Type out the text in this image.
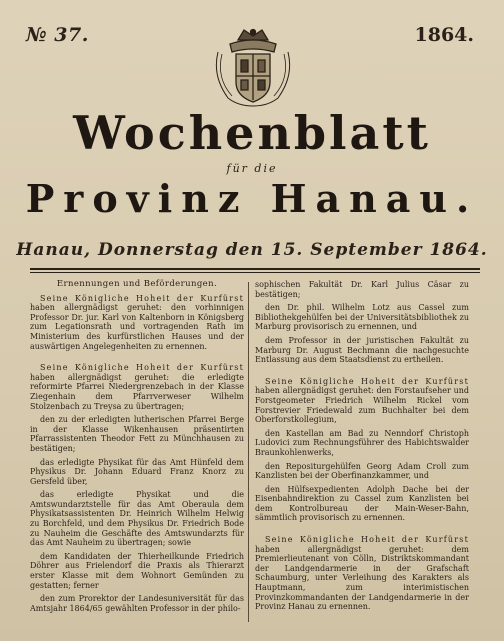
№ 37.	1864.
Wochenblatt
für die
Provinz Hanau.
Hanau, Donnerstag den 15. September 1864.
Ernennungen und Beförderungen.

Seine Königliche Hoheit der Kurfürst haben allergnädigst geruhet: den vorhinnigen Professor Dr. jur. Karl von Kaltenborn in Königsberg zum Legationsrath und vortragenden Rath im Ministerium des kurfürstlichen Hauses und der auswärtigen Angelegenheiten zu ernennen.

Seine Königliche Hoheit der Kurfürst haben allergnädigst geruhet: die erledigte reformirte Pfarrei Niedergrenzebach in der Klasse Ziegenhain dem Pfarrverweser Wilhelm Stolzenbach zu Treysa zu übertragen;

den zu der erledigten lutherischen Pfarrei Berge in der Klasse Wikenhausen präsentirten Pfarrassistenten Theodor Fett zu Münchhausen zu bestätigen;

das erledigte Physikat für das Amt Hünfeld dem Physikus Dr. Johann Eduard Franz Knorz zu Gersfeld über,

das erledigte Physikat und die Amtswundarztstelle für das Amt Oberaula dem Physikatsassistenten Dr. Heinrich Wilhelm Helwig zu Borchfeld, und dem Physikus Dr. Friedrich Bode zu Nauheim die Geschäfte des Amtswundarzts für das Amt Nauheim zu übertragen; sowie

dem Kandidaten der Thierheilkunde Friedrich Döhrer aus Frielendorf die Praxis als Thierarzt erster Klasse mit dem Wohnort Gemünden zu gestatten; ferner

den zum Prorektor der Landesuniversität für das Amtsjahr 1864/65 gewählten Professor in der philo-

sophischen Fakultät Dr. Karl Julius Cäsar zu bestätigen;

den Dr. phil. Wilhelm Lotz aus Cassel zum Bibliothekgehülfen bei der Universitätsbibliothek zu Marburg provisorisch zu ernennen, und

dem Professor in der juristischen Fakultät zu Marburg Dr. August Bechmann die nachgesuchte Entlassung aus dem Staatsdienst zu ertheilen.

Seine Königliche Hoheit der Kurfürst haben allergnädigst geruhet: den Forstaufseher und Forstgeometer Friedrich Wilhelm Rickel vom Forstrevier Friedewald zum Buchhalter bei dem Oberforstkollegium,

den Kastellan am Bad zu Nenndorf Christoph Ludovici zum Rechnungsführer des Habichtswalder Braunkohlenwerks,

den Repositurgehülfen Georg Adam Croll zum Kanzlisten bei der Oberfinanzkammer, und

den Hülfsexpedienten Adolph Dache bei der Eisenbahndirektion zu Cassel zum Kanzlisten bei dem Kontrolbureau der Main-Weser-Bahn, sämmtlich provisorisch zu ernennen.

Seine Königliche Hoheit der Kurfürst haben allergnädigst geruhet: dem Premierlieutenant von Cölln, Distriktskommandant der Landgendarmerie in der Grafschaft Schaumburg, unter Verleihung des Karakters als Hauptmann, zum interimistischen Provinzkommandanten der Landgendarmerie in der Provinz Hanau zu ernennen.
